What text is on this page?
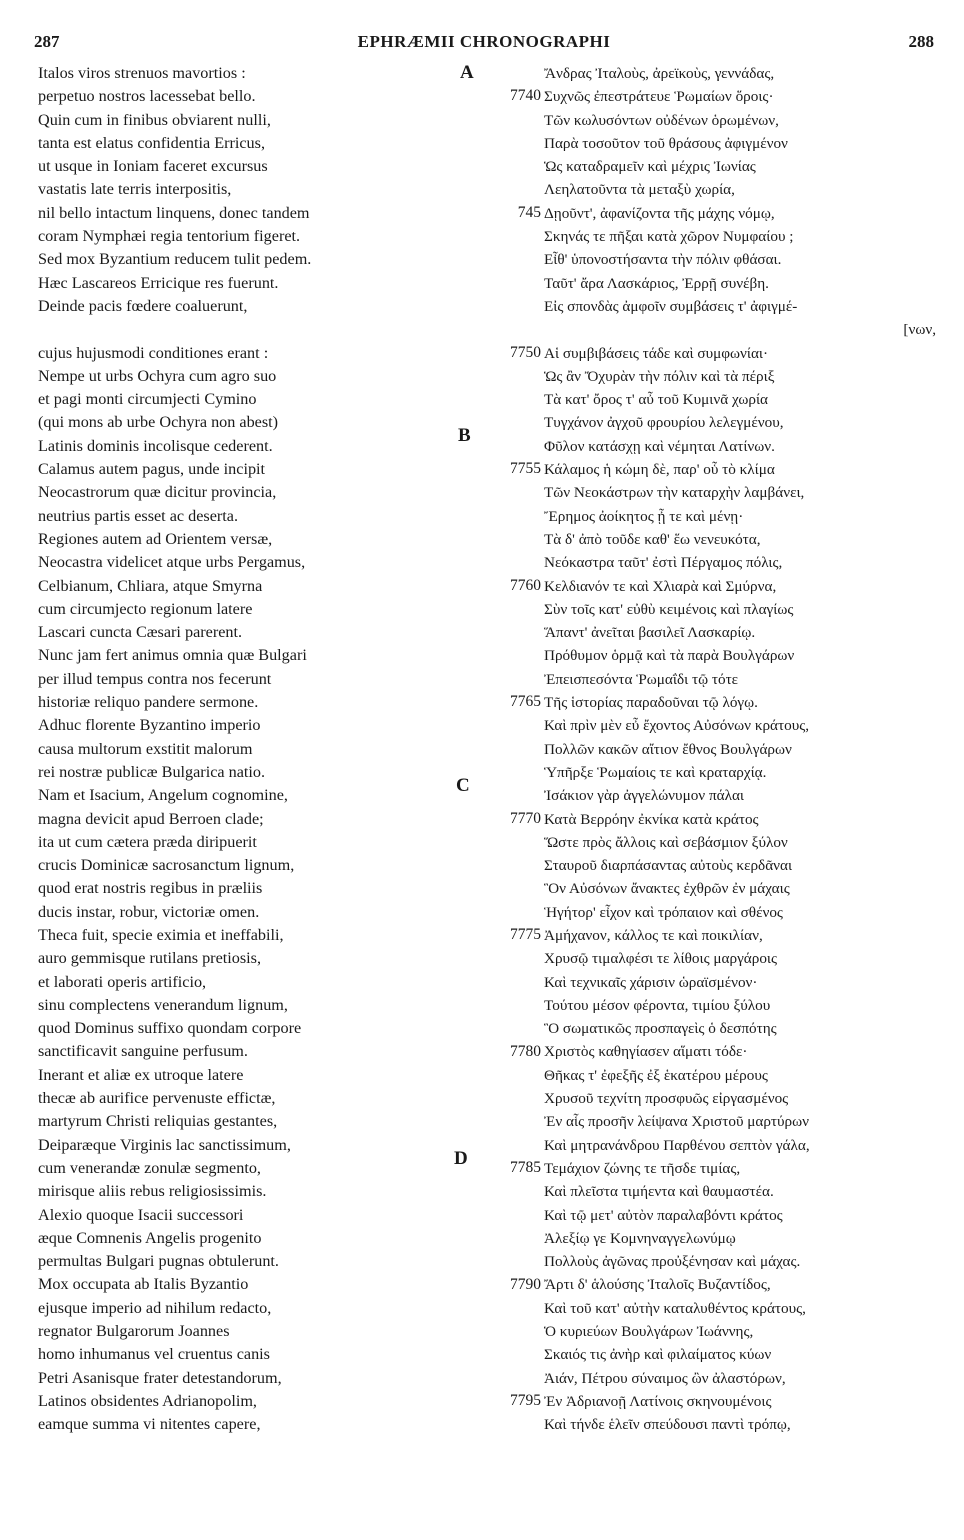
287	EPHRÆMII CHRONOGRAPHI	288
Italos viros strenuos mavortios :
perpetuo nostros lacessebat bello.
Quin cum in finibus obviarent nulli,
tanta est elatus confidentia Erricus,
ut usque in Ioniam faceret excursus
vastatis late terris interpositis,
nil bello intactum linquens, donec tandem
coram Nymphæi regia tentorium figeret.
Sed mox Byzantium reducem tulit pedem.
Hæc Lascareos Erricique res fuerunt.
Deinde pacis fœdere coaluerunt,
cujus hujusmodi conditiones erant :
Nempe ut urbs Ochyra cum agro suo
et pagi monti circumjecti Cymino
(qui mons ab urbe Ochyra non abest)
Latinis dominis incolisque cederent.
Calamus autem pagus, unde incipit
Neocastrorum quæ dicitur provincia,
neutrius partis esset ac deserta.
Regiones autem ad Orientem versæ,
Neocastra videlicet atque urbs Pergamus,
Celbianum, Chliara, atque Smyrna
cum circumjecto regionum latere
Lascari cuncta Cæsari parerent.
Nunc jam fert animus omnia quæ Bulgari
per illud tempus contra nos fecerunt
historiæ reliquo pandere sermone.
Adhuc florente Byzantino imperio
causa multorum exstitit malorum
rei nostræ publicæ Bulgarica natio.
Nam et Isacium, Angelum cognomine,
magna devicit apud Berroen clade;
ita ut cum cætera præda diripuerit
crucis Dominicæ sacrosanctum lignum,
quod erat nostris regibus in præliis
ducis instar, robur, victoriæ omen.
Theca fuit, specie eximia et ineffabili,
auro gemmisque rutilans pretiosis,
et laborati operis artificio,
sinu complectens venerandum lignum,
quod Dominus suffixo quondam corpore
sanctificavit sanguine perfusum.
Inerant et aliæ ex utroque latere
thecæ ab aurifice pervenuste effictæ,
martyrum Christi reliquias gestantes,
Deiparæque Virginis lac sanctissimum,
cum venerandæ zonulæ segmento,
mirisque aliis rebus religiosissimis.
Alexio quoque Isacii successori
æque Comnenis Angelis progenito
permultas Bulgari pugnas obtulerunt.
Mox occupata ab Italis Byzantio
ejusque imperio ad nihilum redacto,
regnator Bulgarorum Joannes
homo inhumanus vel cruentus canis
Petri Asanisque frater detestandorum,
Latinos obsidentes Adrianopolim,
eamque summa vi nitentes capere,
7740
745
7750
7755
7760
7765
7770
7775
7780
7785
7790
7795
A
B
C
D
Ἄνδρας Ἰταλοὺς, ἀρεϊκοὺς, γεννάδας,
Συχνῶς ἐπεστράτευε Ῥωμαίων ὅροις·
Τῶν κωλυσόντων οὐδένων ὁρωμένων,
Παρὰ τοσοῦτον τοῦ θράσους ἀφιγμένον
Ὡς καταδραμεῖν καὶ μέχρις Ἰωνίας
Λεηλατοῦντα τὰ μεταξὺ χωρία,
Δῃοῦντ', ἀφανίζοντα τῆς μάχης νόμῳ,
Σκηνάς τε πῆξαι κατὰ χῶρον Νυμφαίου ;
Εἶθ' ὑπονοστήσαντα τὴν πόλιν φθάσαι.
Ταῦτ' ἄρα Λασκάριος, Ἐρρῇ συνέβη.
Εἰς σπονδὰς ἀμφοῖν συμβάσεις τ' ἀφιγμέ-
[νων,
Αἱ συμβιβάσεις τάδε καὶ συμφωνίαι·
Ὡς ἂν Ὄχυρὰν τὴν πόλιν καὶ τὰ πέριξ
Τὰ κατ' ὄρος τ' αὖ τοῦ Κυμινᾶ χωρία
Τυγχάνον ἀγχοῦ φρουρίου λελεγμένου,
Φῦλον κατάσχῃ καὶ νέμηται Λατίνων.
Κάλαμος ἡ κώμη δὲ, παρ' οὗ τὸ κλίμα
Τῶν Νεοκάστρων τὴν καταρχὴν λαμβάνει,
Ἔρημος ἀοίκητος ᾖ τε καὶ μένῃ·
Τὰ δ' ἀπὸ τοῦδε καθ' ἕω νενευκότα,
Νεόκαστρα ταῦτ' ἐστὶ Πέργαμος πόλις,
Κελδιανόν τε καὶ Χλιαρὰ καὶ Σμύρνα,
Σὺν τοῖς κατ' εὐθὺ κειμένοις καὶ πλαγίως
Ἅπαντ' ἀνεῖται βασιλεῖ Λασκαρίῳ.
Πρόθυμον ὁρμᾷ καὶ τὰ παρὰ Βουλγάρων
Ἐπεισπεσόντα Ῥωμαΐδι τῷ τότε
Τῆς ἱστορίας παραδοῦναι τῷ λόγῳ.
Καὶ πρὶν μὲν εὖ ἔχοντος Αὐσόνων κράτους,
Πολλῶν κακῶν αἴτιον ἔθνος Βουλγάρων
Ὑπῆρξε Ῥωμαίοις τε καὶ κραταρχίᾳ.
Ἰσάκιον γὰρ ἀγγελώνυμον πάλαι
Κατὰ Βερρόην ἐκνίκα κατὰ κράτος
Ὥστε πρὸς ἄλλοις καὶ σεβάσμιον ξύλον
Σταυροῦ διαρπάσαντας αὐτοὺς κερδᾶναι
Ὃν Αὐσόνων ἄνακτες ἐχθρῶν ἐν μάχαις
Ἡγήτορ' εἶχον καὶ τρόπαιον καὶ σθένος
Ἀμήχανον, κάλλος τε καὶ ποικιλίαν,
Χρυσῷ τιμαλφέσι τε λίθοις μαργάροις
Καὶ τεχνικαῖς χάρισιν ὡραϊσμένον·
Τούτου μέσον φέροντα, τιμίου ξύλου
Ὃ σωματικῶς προσπαγεὶς ὁ δεσπότης
Χριστὸς καθηγίασεν αἵματι τόδε·
Θῆκας τ' ἐφεξῆς ἐξ ἑκατέρου μέρους
Χρυσοῦ τεχνίτη προσφυῶς εἰργασμένος
Ἐν αἷς προσῆν λείψανα Χριστοῦ μαρτύρων
Καὶ μητρανάνδρου Παρθένου σεπτὸν γάλα,
Τεμάχιον ζώνης τε τῆσδε τιμίας,
Καὶ πλεῖστα τιμήεντα καὶ θαυμαστέα.
Καὶ τῷ μετ' αὐτὸν παραλαβόντι κράτος
Ἀλεξίῳ γε Κομνηναγγελωνύμῳ
Πολλοὺς ἀγῶνας προὐξένησαν καὶ μάχας.
Ἄρτι δ' ἁλούσης Ἰταλοῖς Βυζαντίδος,
Καὶ τοῦ κατ' αὐτὴν καταλυθέντος κράτους,
Ὁ κυριεύων Βουλγάρων Ἰωάννης,
Σκαιός τις ἀνὴρ καὶ φιλαίματος κύων
Ἀιάν, Πέτρου σύναιμος ὢν ἀλαστόρων,
Ἐν Ἀδριανοῇ Λατίνοις σκηνουμένοις
Καὶ τήνδε ἑλεῖν σπεύδουσι παντὶ τρόπῳ,
